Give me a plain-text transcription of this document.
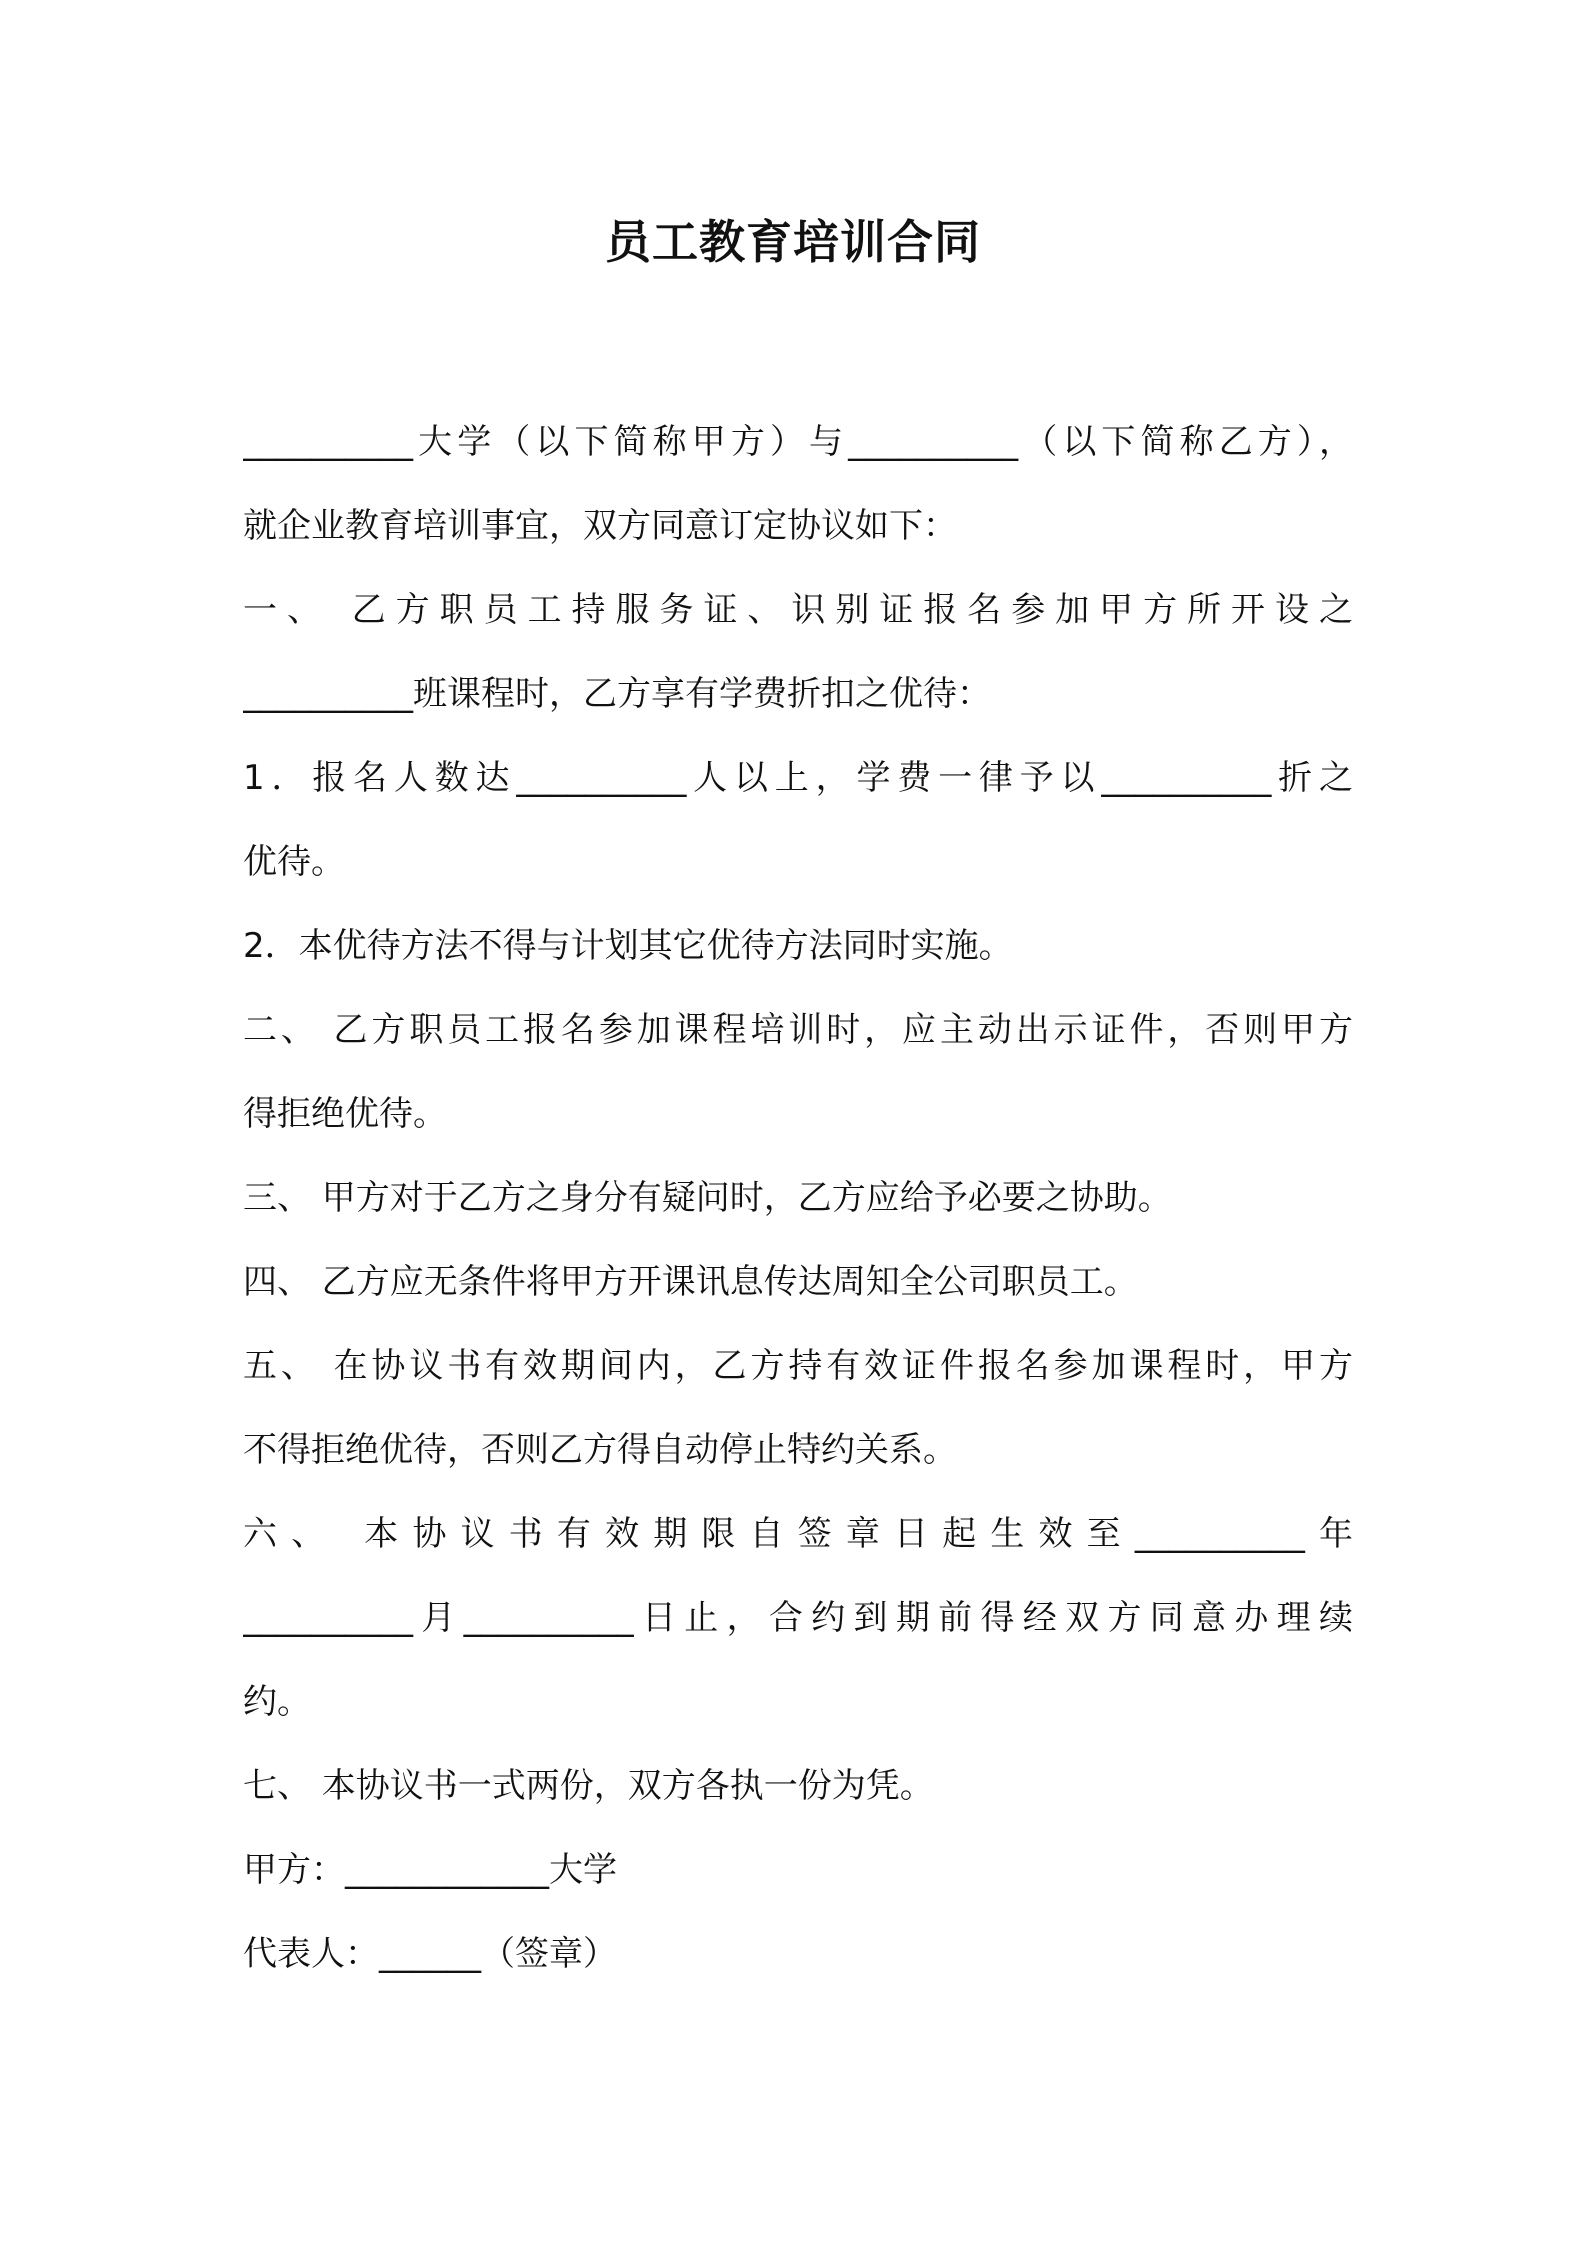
员工教育培训合同
__________大学（以下简称甲方）与__________（以下简称乙方），
就企业教育培训事宜，双方同意订定协议如下：
一、 乙方职员工持服务证、识别证报名参加甲方所开设之
__________班课程时，乙方享有学费折扣之优待：
1．报名人数达__________人以上，学费一律予以__________折之
优待。
2．本优待方法不得与计划其它优待方法同时实施。
二、 乙方职员工报名参加课程培训时，应主动出示证件，否则甲方
得拒绝优待。
三、 甲方对于乙方之身分有疑问时，乙方应给予必要之协助。
四、 乙方应无条件将甲方开课讯息传达周知全公司职员工。
五、 在协议书有效期间内，乙方持有效证件报名参加课程时，甲方
不得拒绝优待，否则乙方得自动停止特约关系。
六、 本协议书有效期限自签章日起生效至__________年
__________月__________日止，合约到期前得经双方同意办理续
约。
七、 本协议书一式两份，双方各执一份为凭。
甲方：____________大学
代表人：______（签章）
